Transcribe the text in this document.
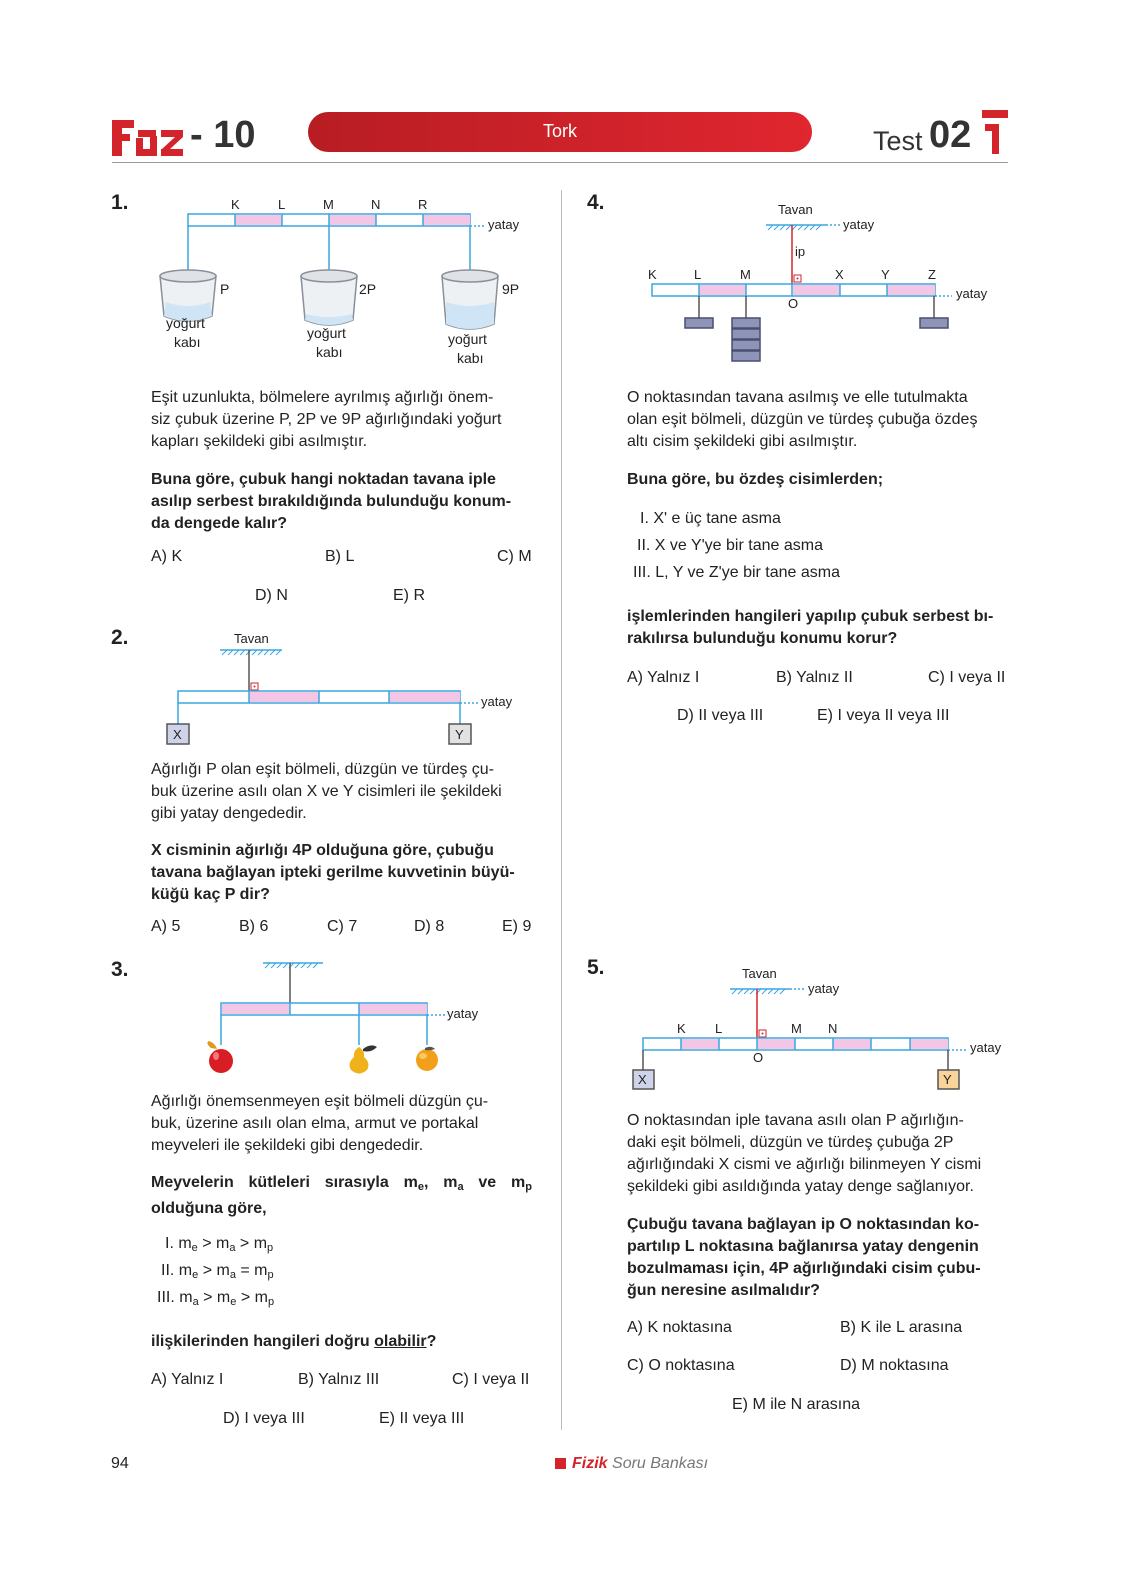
- 10	Tork	Test 02
1.
yatay
K	L	M	N	R
P	2P	9P
yoğurt
kabı
yoğurt
kabı
yoğurt
kabı
Eşit uzunlukta, bölmelere ayrılmış ağırlığı önem-
siz çubuk üzerine P, 2P ve 9P ağırlığındaki yoğurt
kapları şekildeki gibi asılmıştır.
Buna göre, çubuk hangi noktadan tavana iple
asılıp serbest bırakıldığında bulunduğu konum-
da dengede kalır?
A) K	B) L	C) M
D) N	E) R
2.	Tavan
yatay
X	Y
Ağırlığı P olan eşit bölmeli, düzgün ve türdeş çu-
buk üzerine asılı olan X ve Y cisimleri ile şekildeki
gibi yatay dengededir.
X cisminin ağırlığı 4P olduğuna göre, çubuğu
tavana bağlayan ipteki gerilme kuvvetinin büyü-
küğü kaç P dir?
A) 5	B) 6	C) 7	D) 8	E) 9
3.
yatay
Ağırlığı önemsenmeyen eşit bölmeli düzgün çu-
buk, üzerine asılı olan elma, armut ve portakal
meyveleri ile şekildeki gibi dengededir.
Meyvelerin kütleleri sırasıyla $m_e$, $m_a$ ve $m_p$ olduğuna göre,
I. $m_e > m_a > m_p$
II. $m_e > m_a = m_p$
III. $m_a > m_e > m_p$
ilişkilerinden hangileri doğru olabilir?
A) Yalnız I	B) Yalnız III	C) I veya II
D) I veya III	E) II veya III
4.	Tavan
yatay
ip
yatay
K	L	M	X	Y	Z
O
O noktasından tavana asılmış ve elle tutulmakta
olan eşit bölmeli, düzgün ve türdeş çubuğa özdeş
altı cisim şekildeki gibi asılmıştır.
Buna göre, bu özdeş cisimlerden;
I. X' e üç tane asma
II. X ve Y'ye bir tane asma
III. L, Y ve Z'ye bir tane asma
işlemlerinden hangileri yapılıp çubuk serbest bı-
rakılırsa bulunduğu konumu korur?
A) Yalnız I	B) Yalnız II	C) I veya II
D) II veya III	E) I veya II veya III
5.	Tavan
yatay
yatay
K L	M N
O
X	Y
O noktasından iple tavana asılı olan P ağırlığın-
daki eşit bölmeli, düzgün ve türdeş çubuğa 2P
ağırlığındaki X cismi ve ağırlığı bilinmeyen Y cismi
şekildeki gibi asıldığında yatay denge sağlanıyor.
Çubuğu tavana bağlayan ip O noktasından ko-
partılıp L noktasına bağlanırsa yatay dengenin
bozulmaması için, 4P ağırlığındaki cisim çubu-
ğun neresine asılmalıdır?
A) K noktasına	B) K ile L arasına
C) O noktasına	D) M noktasına
E) M ile N arasına
94	Fizik Soru Bankası
